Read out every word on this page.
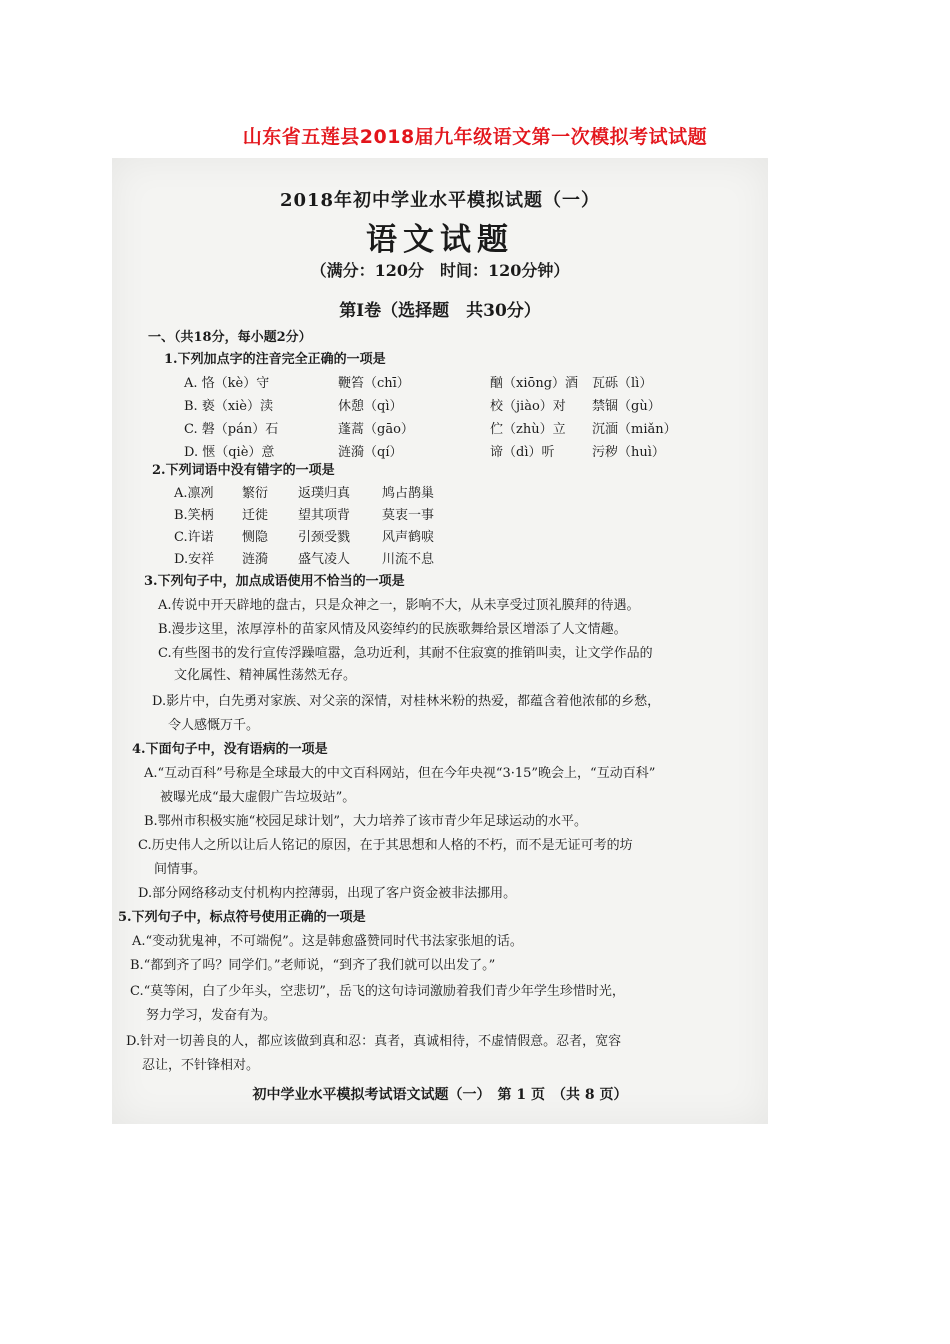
山东省五莲县2018届九年级语文第一次模拟考试试题
2018年初中学业水平模拟试题（一）
语文试题
（满分：120分　时间：120分钟）
第Ⅰ卷（选择题　共30分）
一、（共18分，每小题2分）
1.下列加点字的注音完全正确的一项是
A. 恪（kè）守	鞭笞（chī）	酗（xiōng）酒 瓦砾（lì）
B. 亵（xiè）渎	休憩（qì）	校（jiào）对 禁锢（gù）
C. 磐（pán）石	蓬蒿（gāo）	伫（zhù）立 沉湎（miǎn）
D. 惬（qiè）意	涟漪（qí）	谛（dì）听	污秽（huì）
2.下列词语中没有错字的一项是
A.凛冽 繁衍 返璞归真 鸠占鹊巢
B.笑柄 迁徙 望其项背 莫衷一事
C.许诺 恻隐 引颈受戮 风声鹤唳
D.安祥 涟漪 盛气凌人 川流不息
3.下列句子中，加点成语使用不恰当的一项是
A.传说中开天辟地的盘古，只是众神之一，影响不大，从未享受过顶礼膜拜的待遇。
B.漫步这里，浓厚淳朴的苗家风情及风姿绰约的民族歌舞给景区增添了人文情趣。
C.有些图书的发行宣传浮躁喧嚣，急功近利，其耐不住寂寞的推销叫卖，让文学作品的
文化属性、精神属性荡然无存。
D.影片中，白先勇对家族、对父亲的深情，对桂林米粉的热爱，都蕴含着他浓郁的乡愁，
令人感慨万千。
4.下面句子中，没有语病的一项是
A.“互动百科”号称是全球最大的中文百科网站，但在今年央视“3·15”晚会上，“互动百科”
被曝光成“最大虚假广告垃圾站”。
B.鄂州市积极实施“校园足球计划”，大力培养了该市青少年足球运动的水平。
C.历史伟人之所以让后人铭记的原因，在于其思想和人格的不朽，而不是无证可考的坊
间情事。
D.部分网络移动支付机构内控薄弱，出现了客户资金被非法挪用。
5.下列句子中，标点符号使用正确的一项是
A.“变动犹鬼神，不可端倪”。这是韩愈盛赞同时代书法家张旭的话。
B.“都到齐了吗？同学们。”老师说，“到齐了我们就可以出发了。”
C.“莫等闲，白了少年头，空悲切”，岳飞的这句诗词激励着我们青少年学生珍惜时光，
努力学习，发奋有为。
D.针对一切善良的人，都应该做到真和忍：真者，真诚相待，不虚情假意。忍者，宽容
忍让，不针锋相对。
初中学业水平模拟考试语文试题（一）　第 1 页　（共 8 页）
